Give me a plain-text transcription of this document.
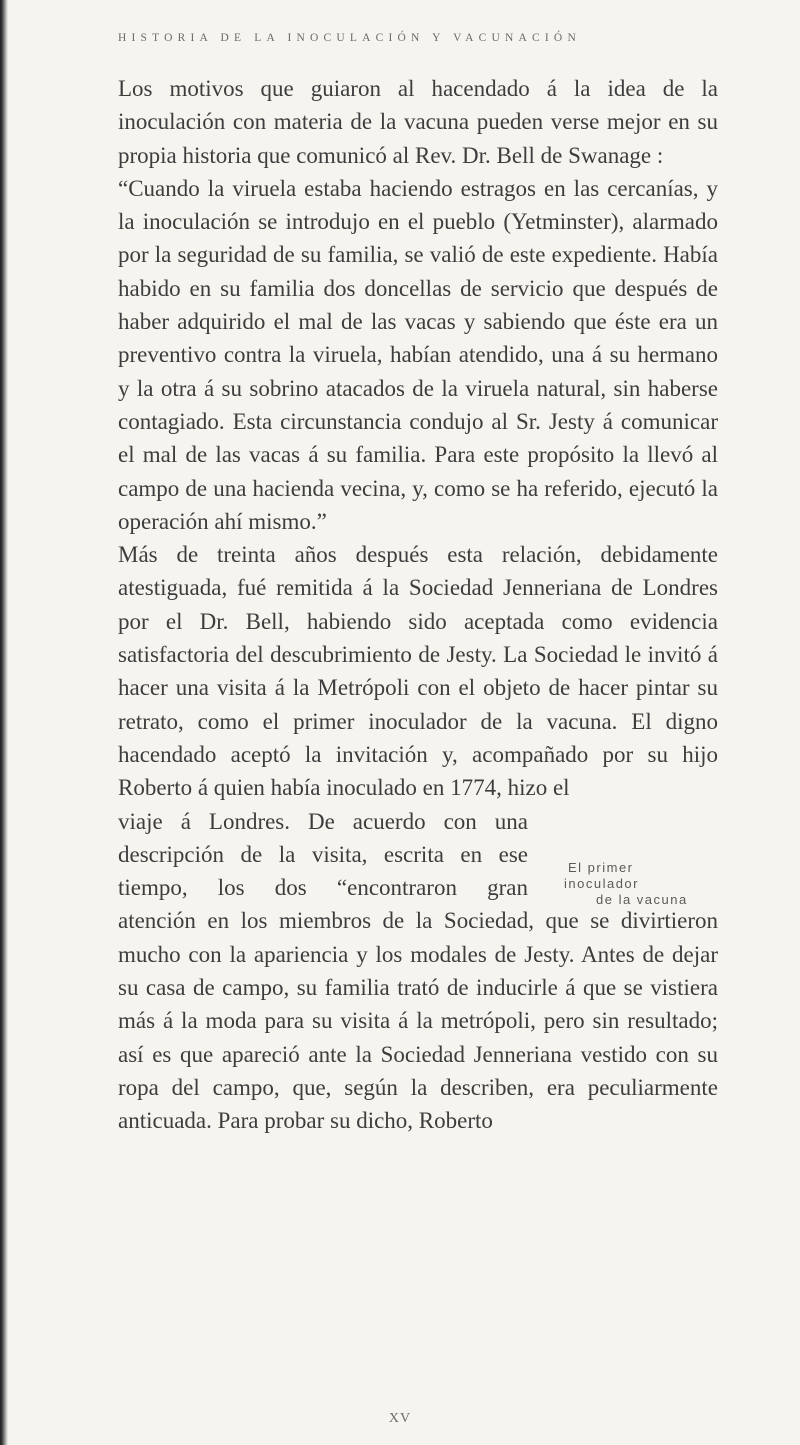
HISTORIA DE LA INOCULACIÓN Y VACUNACIÓN

Los motivos que guiaron al hacendado á la idea de la inoculación con materia de la vacuna pueden verse mejor en su propia historia que comunicó al Rev. Dr. Bell de Swanage :

“Cuando la viruela estaba haciendo estragos en las cercanías, y la inoculación se introdujo en el pueblo (Yetminster), alarmado por la seguridad de su familia, se valió de este expediente. Había habido en su familia dos doncellas de servicio que después de haber adquirido el mal de las vacas y sabiendo que éste era un preventivo contra la viruela, habían atendido, una á su hermano y la otra á su sobrino atacados de la viruela natural, sin haberse contagiado. Esta circunstancia condujo al Sr. Jesty á comunicar el mal de las vacas á su familia. Para este propósito la llevó al campo de una hacienda vecina, y, como se ha referido, ejecutó la operación ahí mismo.”

Más de treinta años después esta relación, debidamente atestiguada, fué remitida á la Sociedad Jenneriana de Londres por el Dr. Bell, habiendo sido aceptada como evidencia satisfactoria del descubrimiento de Jesty. La Sociedad le invitó á hacer una visita á la Metrópoli con el objeto de hacer pintar su retrato, como el primer inoculador de la vacuna. El digno hacendado aceptó la invitación y, acompañado por su hijo Roberto á quien había inoculado en 1774, hizo el

viaje á Londres. De acuerdo con una

descripción de la visita, escrita en ese

tiempo, los dos “encontraron gran

atención en los miembros de la Sociedad, que se divirtieron mucho con la apariencia y los modales de Jesty. Antes de dejar su casa de campo, su familia trató de inducirle á que se vistiera más á la moda para su visita á la metrópoli, pero sin resultado; así es que apareció ante la Sociedad Jenneriana vestido con su ropa del campo, que, según la describen, era peculiarmente anticuada. Para probar su dicho, Roberto

El primer
inoculador
de la vacuna
XV
